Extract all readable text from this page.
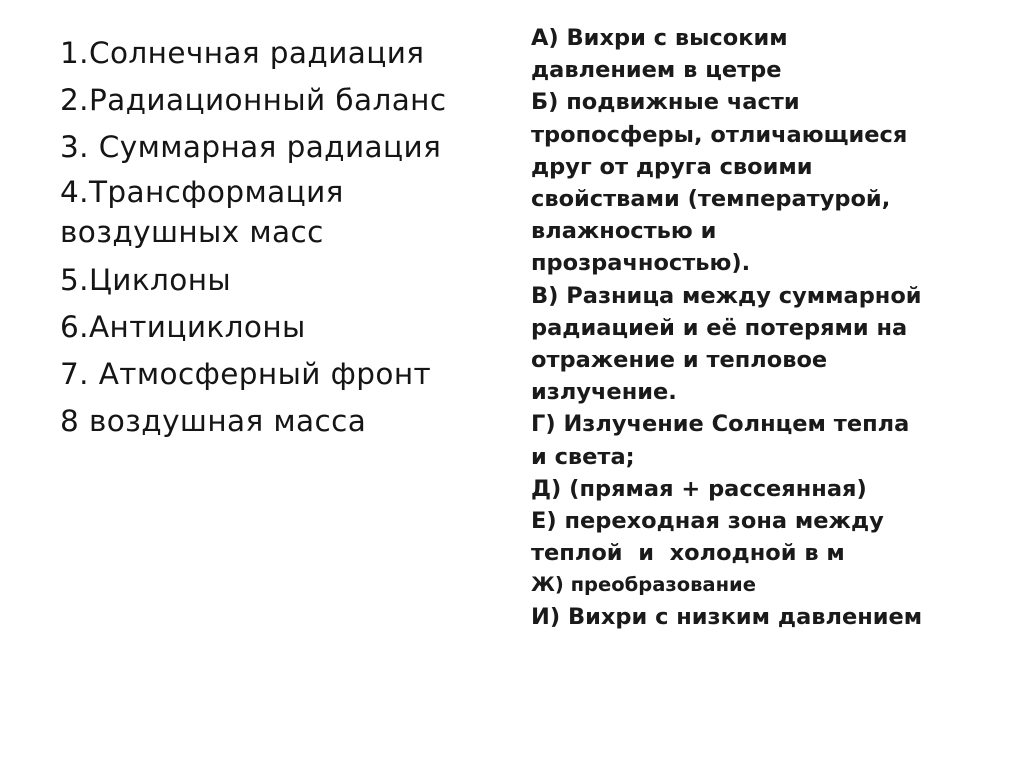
1.Солнечная радиация
2.Радиационный баланс
3. Суммарная радиация
4.Трансформация
воздушных масс
5.Циклоны
6.Антициклоны
7. Атмосферный фронт
8 воздушная масса
А) Вихри с высоким
давлением в цетре
Б) подвижные части
тропосферы, отличающиеся
друг от друга своими
свойствами (температурой,
влажностью и
прозрачностью).
В) Разница между суммарной
радиацией и её потерями на
отражение и тепловое
излучение.
Г) Излучение Солнцем тепла
и света;
Д) (прямая + рассеянная)
Е) переходная зона между
теплой  и  холодной в м
Ж) преобразование
И) Вихри с низким давлением
